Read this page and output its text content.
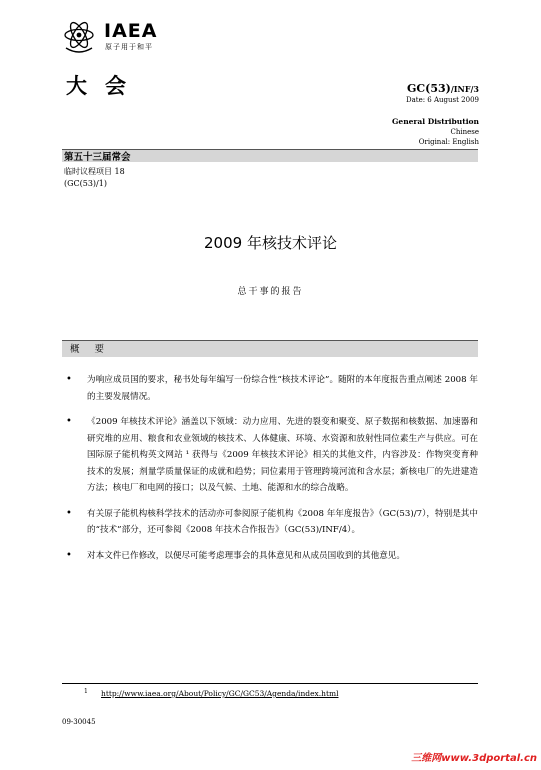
IAEA
原子用于和平
大会	GC(53)/INF/3
Date: 6 August 2009
General Distribution
Chinese
Original: English
第五十三届常会
临时议程项目 18
(GC(53)/1)
2009 年核技术评论
总干事的报告
概 要
• 为响应成员国的要求，秘书处每年编写一份综合性“核技术评论”。随附的本年度报告重点阐述 2008 年的主要发展情况。
• 《2009 年核技术评论》涵盖以下领域：动力应用、先进的裂变和聚变、原子数据和核数据、加速器和研究堆的应用、粮食和农业领域的核技术、人体健康、环境、水资源和放射性同位素生产与供应。可在国际原子能机构英文网站 ¹ 获得与《2009 年核技术评论》相关的其他文件，内容涉及：作物突变育种技术的发展；剂量学质量保证的成就和趋势；同位素用于管理跨境河流和含水层；新核电厂的先进建造方法；核电厂和电网的接口；以及气候、土地、能源和水的综合战略。
• 有关原子能机构核科学技术的活动亦可参阅原子能机构《2008 年年度报告》（GC(53)/7），特别是其中的“技术”部分，还可参阅《2008 年技术合作报告》（GC(53)/INF/4）。
• 对本文件已作修改，以便尽可能考虑理事会的具体意见和从成员国收到的其他意见。
1 http://www.iaea.org/About/Policy/GC/GC53/Agenda/index.html
09-30045
三维网www.3dportal.cn
